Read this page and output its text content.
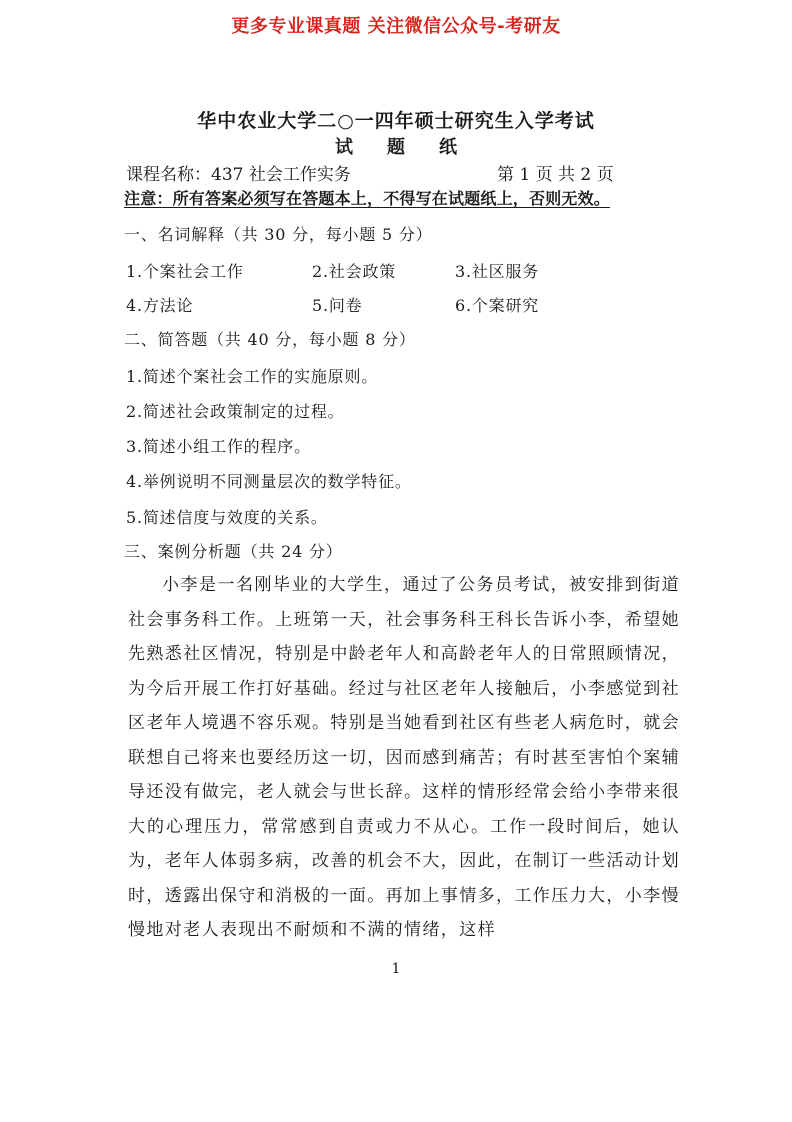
更多专业课真题 关注微信公众号-考研友
华中农业大学二○一四年硕士研究生入学考试
试 题 纸
课程名称：437 社会工作实务	第 1 页 共 2 页
注意：所有答案必须写在答题本上，不得写在试题纸上，否则无效。
一、名词解释（共 30 分，每小题 5 分）
1.个案社会工作	2.社会政策	3.社区服务
4.方法论	5.问卷	6.个案研究
二、简答题（共 40 分，每小题 8 分）
1.简述个案社会工作的实施原则。
2.简述社会政策制定的过程。
3.简述小组工作的程序。
4.举例说明不同测量层次的数学特征。
5.简述信度与效度的关系。
三、案例分析题（共 24 分）

小李是一名刚毕业的大学生，通过了公务员考试，被安排到街道社会事务科工作。上班第一天，社会事务科王科长告诉小李，希望她先熟悉社区情况，特别是中龄老年人和高龄老年人的日常照顾情况，为今后开展工作打好基础。经过与社区老年人接触后，小李感觉到社区老年人境遇不容乐观。特别是当她看到社区有些老人病危时，就会联想自己将来也要经历这一切，因而感到痛苦；有时甚至害怕个案辅导还没有做完，老人就会与世长辞。这样的情形经常会给小李带来很大的心理压力，常常感到自责或力不从心。工作一段时间后，她认为，老年人体弱多病，改善的机会不大，因此，在制订一些活动计划时，透露出保守和消极的一面。再加上事情多，工作压力大，小李慢慢地对老人表现出不耐烦和不满的情绪，这样

1
